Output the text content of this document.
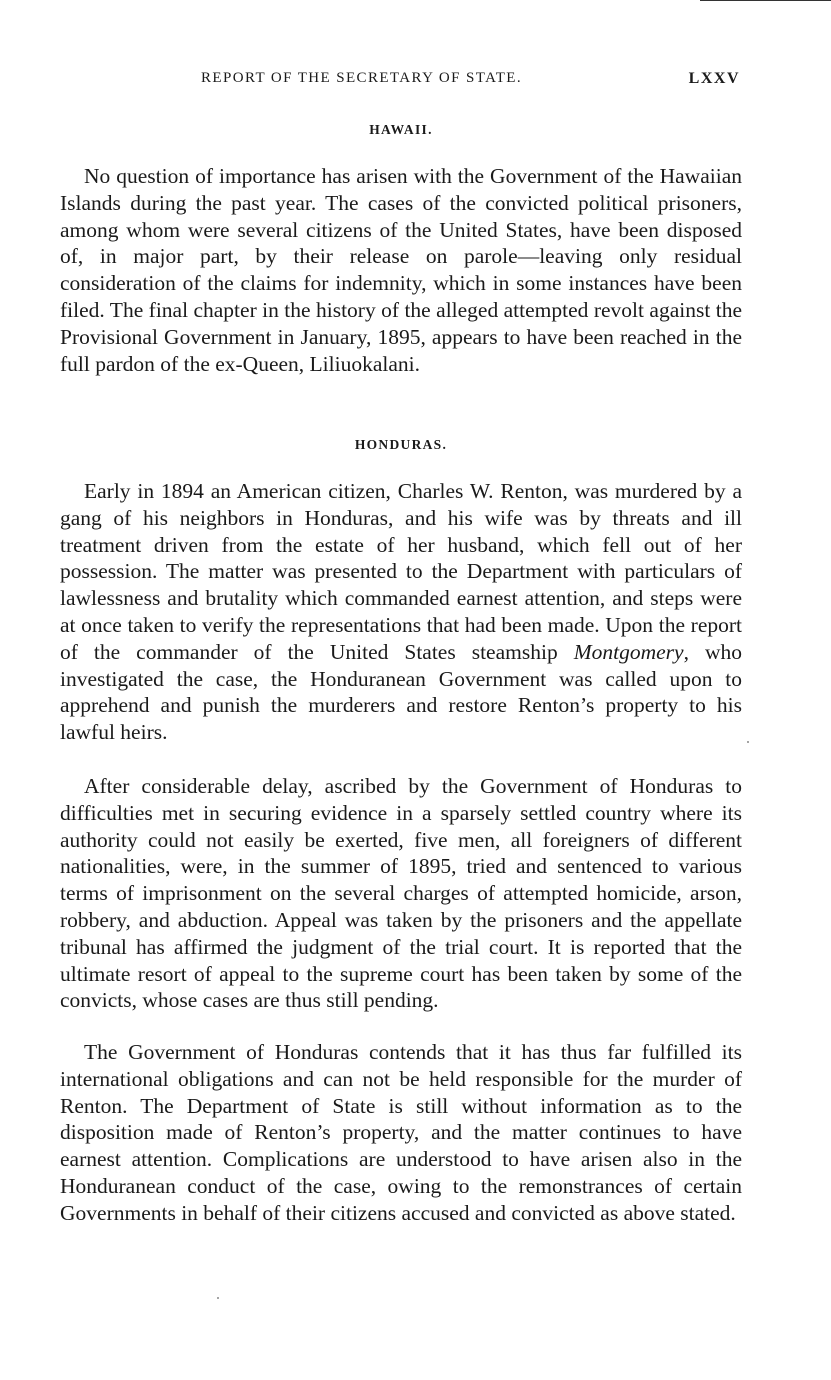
REPORT OF THE SECRETARY OF STATE.	LXXV
HAWAII.

No question of importance has arisen with the Government of the Hawaiian Islands during the past year. The cases of the convicted political prisoners, among whom were several citizens of the United States, have been disposed of, in major part, by their release on parole—leaving only residual consideration of the claims for indemnity, which in some instances have been filed. The final chapter in the history of the alleged attempted revolt against the Provisional Government in January, 1895, appears to have been reached in the full pardon of the ex-Queen, Liliuokalani.

HONDURAS.

Early in 1894 an American citizen, Charles W. Renton, was murdered by a gang of his neighbors in Honduras, and his wife was by threats and ill treatment driven from the estate of her husband, which fell out of her possession. The matter was presented to the Department with particulars of lawlessness and brutality which commanded earnest attention, and steps were at once taken to verify the representations that had been made. Upon the report of the commander of the United States steamship Montgomery, who investigated the case, the Honduranean Government was called upon to apprehend and punish the murderers and restore Renton’s property to his lawful heirs.

After considerable delay, ascribed by the Government of Honduras to difficulties met in securing evidence in a sparsely settled country where its authority could not easily be exerted, five men, all foreigners of different nationalities, were, in the summer of 1895, tried and sentenced to various terms of imprisonment on the several charges of attempted homicide, arson, robbery, and abduction. Appeal was taken by the prisoners and the appellate tribunal has affirmed the judgment of the trial court. It is reported that the ultimate resort of appeal to the supreme court has been taken by some of the convicts, whose cases are thus still pending.

The Government of Honduras contends that it has thus far fulfilled its international obligations and can not be held responsible for the murder of Renton. The Department of State is still without information as to the disposition made of Renton’s property, and the matter continues to have earnest attention. Complications are understood to have arisen also in the Honduranean conduct of the case, owing to the remonstrances of certain Governments in behalf of their citizens accused and convicted as above stated.
